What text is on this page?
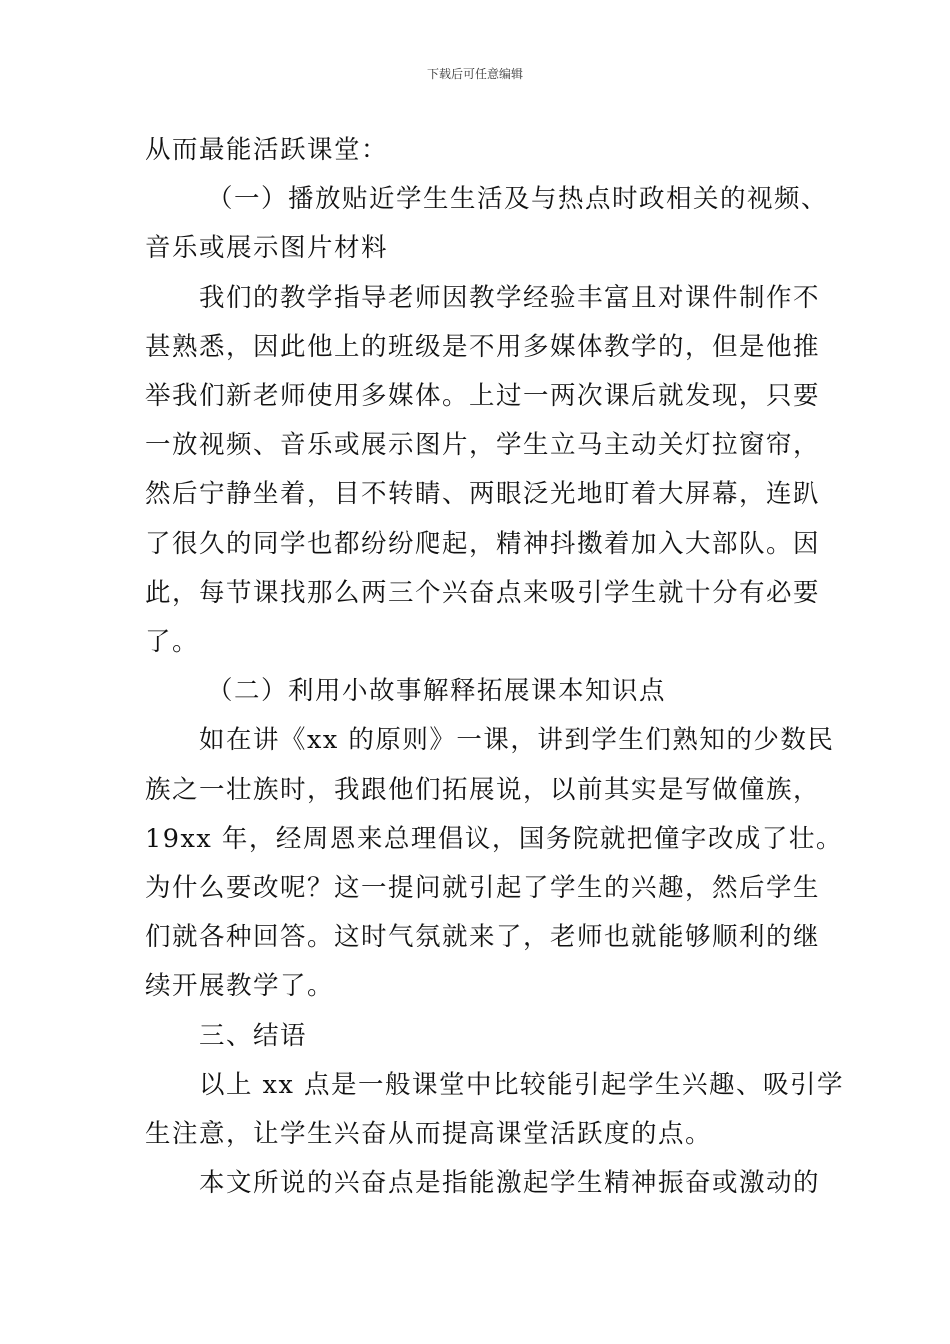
下载后可任意编辑

从而最能活跃课堂：

（一）播放贴近学生生活及与热点时政相关的视频、

音乐或展示图片材料

我们的教学指导老师因教学经验丰富且对课件制作不

甚熟悉，因此他上的班级是不用多媒体教学的，但是他推

举我们新老师使用多媒体。上过一两次课后就发现，只要

一放视频、音乐或展示图片，学生立马主动关灯拉窗帘，

然后宁静坐着，目不转睛、两眼泛光地盯着大屏幕，连趴

了很久的同学也都纷纷爬起，精神抖擞着加入大部队。因

此，每节课找那么两三个兴奋点来吸引学生就十分有必要

了。

（二）利用小故事解释拓展课本知识点

如在讲《xx 的原则》一课，讲到学生们熟知的少数民

族之一壮族时，我跟他们拓展说，以前其实是写做僮族，

19xx 年，经周恩来总理倡议，国务院就把僮字改成了壮。

为什么要改呢？这一提问就引起了学生的兴趣，然后学生

们就各种回答。这时气氛就来了，老师也就能够顺利的继

续开展教学了。

三、结语

以上 xx 点是一般课堂中比较能引起学生兴趣、吸引学

生注意，让学生兴奋从而提高课堂活跃度的点。

本文所说的兴奋点是指能激起学生精神振奋或激动的
